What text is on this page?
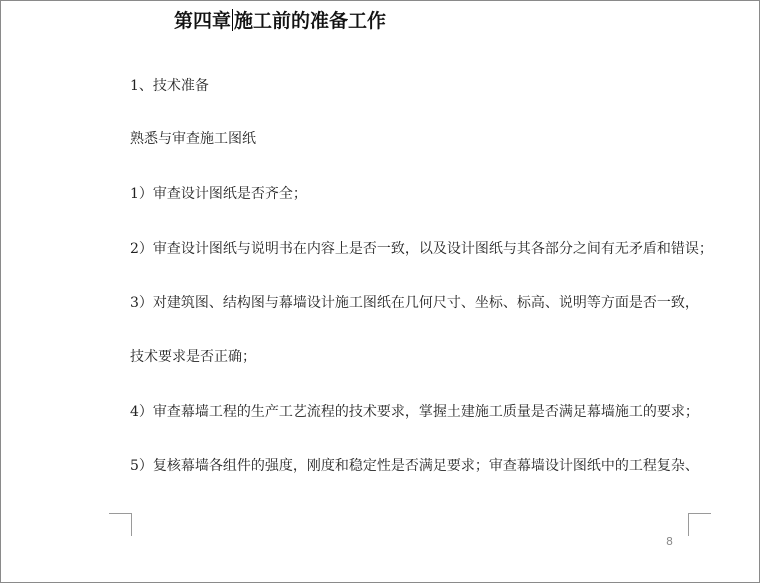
第四章 施工前的准备工作
1、技术准备
熟悉与审查施工图纸
1）审查设计图纸是否齐全；
2）审查设计图纸与说明书在内容上是否一致，以及设计图纸与其各部分之间有无矛盾和错误；
3）对建筑图、结构图与幕墙设计施工图纸在几何尺寸、坐标、标高、说明等方面是否一致，
技术要求是否正确；
4）审查幕墙工程的生产工艺流程的技术要求，掌握土建施工质量是否满足幕墙施工的要求；
5）复核幕墙各组件的强度，刚度和稳定性是否满足要求；审查幕墙设计图纸中的工程复杂、
8
